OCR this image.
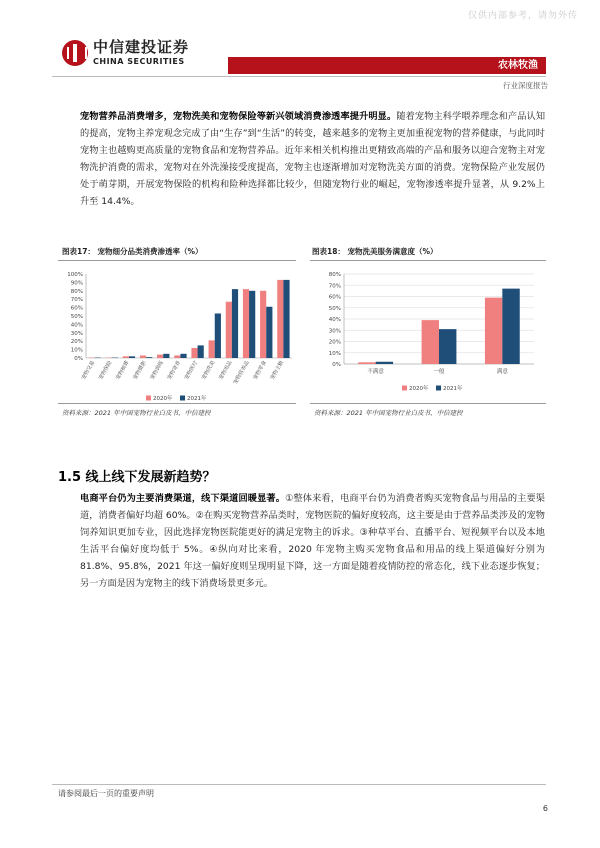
仅供内部参考，请勿外传
中信建投证券
CHINA SECURITIES	农林牧渔
行业深度报告
宠物营养品消费增多，宠物洗美和宠物保险等新兴领域消费渗透率提升明显。随着宠物主科学喂养理念和产品认知的提高，宠物主养宠观念完成了由“生存”到“生活”的转变，越来越多的宠物主更加重视宠物的营养健康，与此同时宠物主也越购更高质量的宠物食品和宠物营养品。近年来相关机构推出更精致高端的产品和服务以迎合宠物主对宠物洗护消费的需求，宠物对在外洗澡接受度提高，宠物主也逐渐增加对宠物洗美方面的消费。宠物保险产业发展仍处于萌芽期，开展宠物保险的机构和险种选择都比较少，但随宠物行业的崛起，宠物渗透率提升显著，从 9.2%上升至 14.4%。
图表17： 宠物细分品类消费渗透率（%）
0%
10%
20%
30%
40%
50%
60%
70%
80%
90%
100%
宠物交易 宠物保险 宠物殡葬 宠物摄影 宠物训练 宠物寄养 宠物医疗 宠物洗美 宠物用品
宠物营养品 宠物零食 宠物主粮
2020年	2021年
资料来源：2021 年中国宠物行业白皮书，中信建投
图表18： 宠物洗美服务满意度（%）
0%
10%
20%
30%
40%
50%
60%
70%
80%
不满意	一般	满意
2020年	2021年
资料来源：2021 年中国宠物行业白皮书，中信建投
1.5 线上线下发展新趋势？
电商平台仍为主要消费渠道，线下渠道回暖显著。①整体来看，电商平台仍为消费者购买宠物食品与用品的主要渠道，消费者偏好均超 60%。②在购买宠物营养品类时，宠物医院的偏好度较高，这主要是由于营养品类涉及的宠物饲养知识更加专业，因此选择宠物医院能更好的满足宠物主的诉求。③种草平台、直播平台、短视频平台以及本地生活平台偏好度均低于 5%。④纵向对比来看，2020 年宠物主购买宠物食品和用品的线上渠道偏好分别为 81.8%、95.8%，2021 年这一偏好度则呈现明显下降，这一方面是随着疫情防控的常态化，线下业态逐步恢复；另一方面是因为宠物主的线下消费场景更多元。
请参阅最后一页的重要声明
6
